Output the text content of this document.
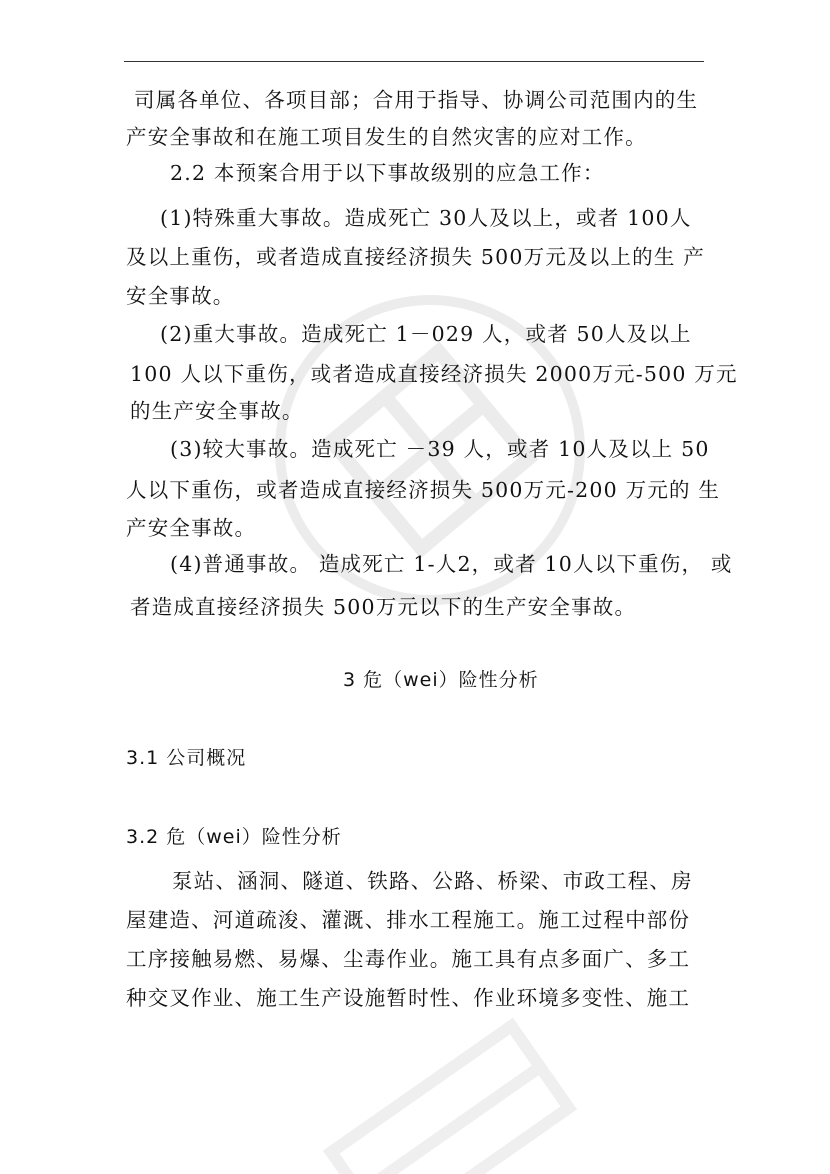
司属各单位、各项目部；合用于指导、协调公司范围内的生
产安全事故和在施工项目发生的自然灾害的应对工作。
2.2 本预案合用于以下事故级别的应急工作：
(1)特殊重大事故。造成死亡 30人及以上，或者 100人
及以上重伤，或者造成直接经济损失 500万元及以上的生 产
安全事故。
(2)重大事故。造成死亡 1－029 人，或者 50人及以上
100 人以下重伤，或者造成直接经济损失 2000万元-500 万元
的生产安全事故。
(3)较大事故。造成死亡 －39 人，或者 10人及以上 50
人以下重伤，或者造成直接经济损失 500万元-200 万元的 生
产安全事故。
(4)普通事故。 造成死亡 1-人2，或者 10人以下重伤， 或
者造成直接经济损失 500万元以下的生产安全事故。
3 危（wei）险性分析
3.1 公司概况
3.2 危（wei）险性分析
泵站、涵洞、隧道、铁路、公路、桥梁、市政工程、房
屋建造、河道疏浚、灌溉、排水工程施工。施工过程中部份
工序接触易燃、易爆、尘毒作业。施工具有点多面广、多工
种交叉作业、施工生产设施暂时性、作业环境多变性、施工
